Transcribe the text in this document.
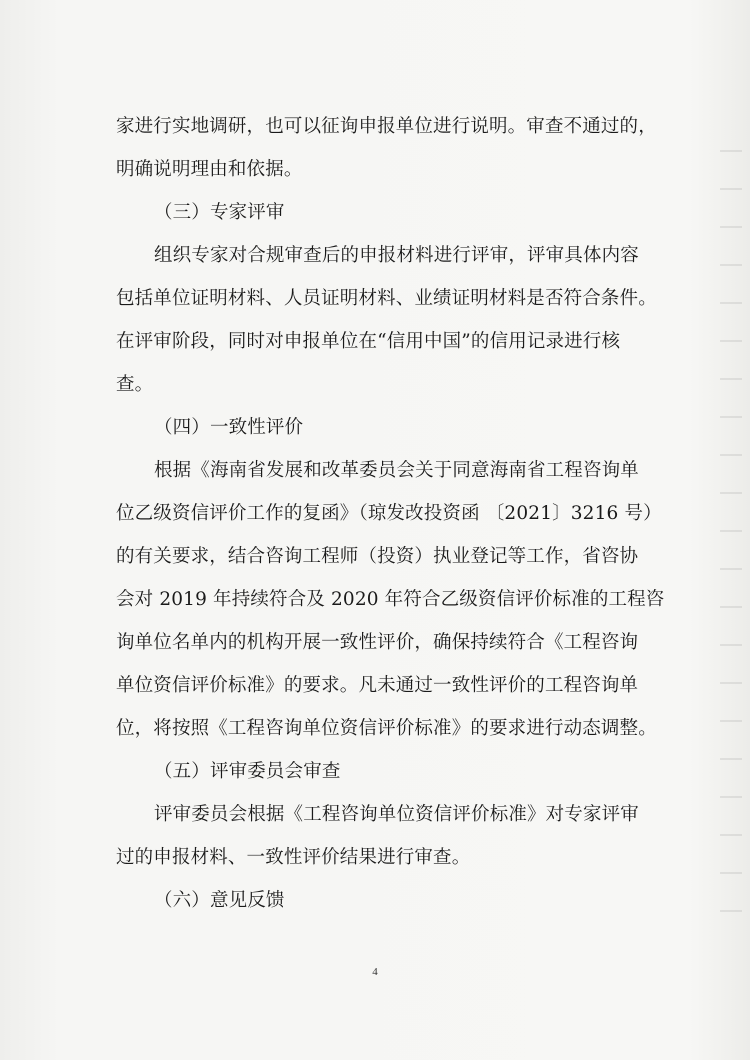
家进行实地调研，也可以征询申报单位进行说明。审查不通过的，
明确说明理由和依据。
（三）专家评审
组织专家对合规审查后的申报材料进行评审，评审具体内容
包括单位证明材料、人员证明材料、业绩证明材料是否符合条件。
在评审阶段，同时对申报单位在“信用中国”的信用记录进行核
查。
（四）一致性评价
根据《海南省发展和改革委员会关于同意海南省工程咨询单
位乙级资信评价工作的复函》（琼发改投资函 〔2021〕3216 号）
的有关要求，结合咨询工程师（投资）执业登记等工作，省咨协
会对 2019 年持续符合及 2020 年符合乙级资信评价标准的工程咨
询单位名单内的机构开展一致性评价，确保持续符合《工程咨询
单位资信评价标准》的要求。凡未通过一致性评价的工程咨询单
位，将按照《工程咨询单位资信评价标准》的要求进行动态调整。
（五）评审委员会审查
评审委员会根据《工程咨询单位资信评价标准》对专家评审
过的申报材料、一致性评价结果进行审查。
（六）意见反馈
4
